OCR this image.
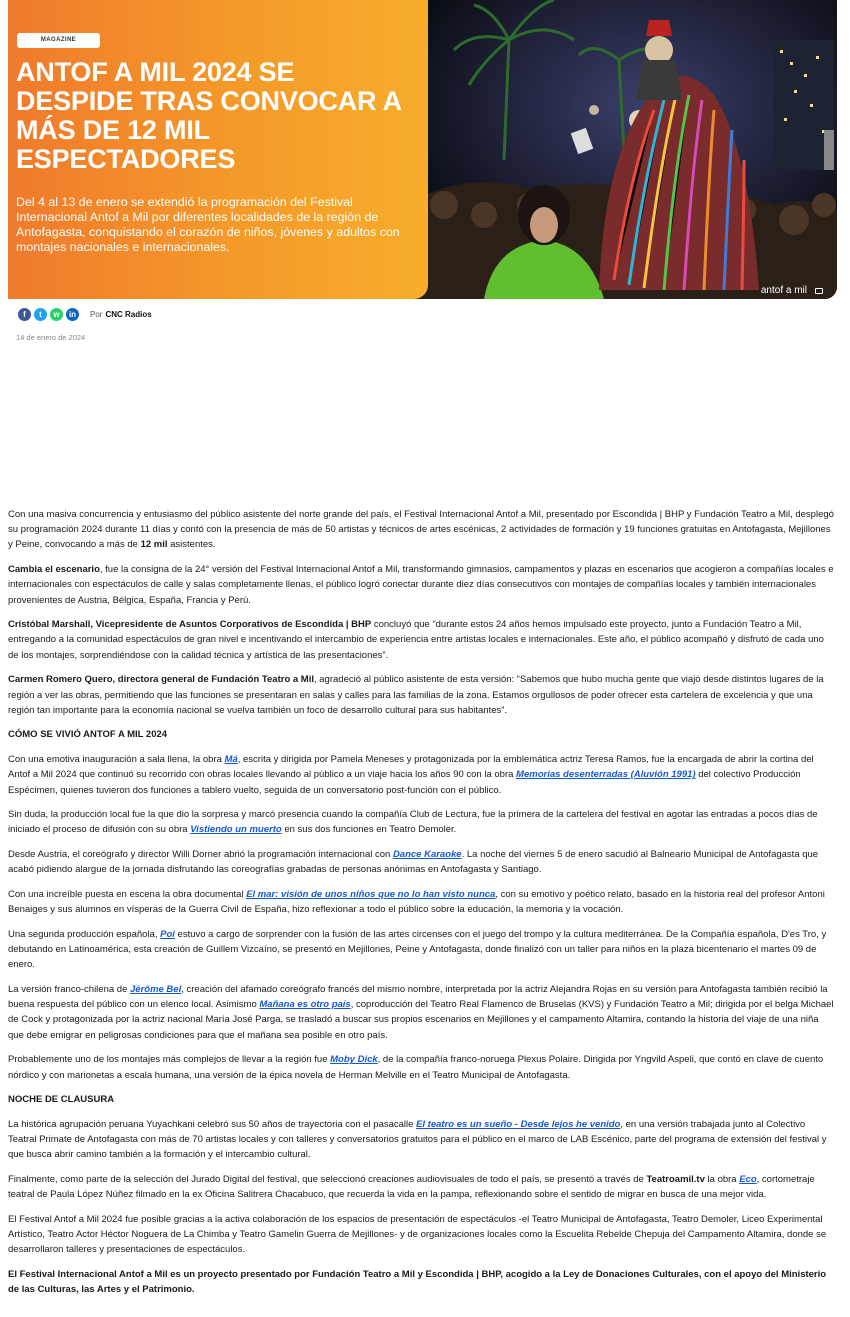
MAGAZINE
ANTOF A MIL 2024 SE DESPIDE TRAS CONVOCAR A MÁS DE 12 MIL ESPECTADORES

Del 4 al 13 de enero se extendió la programación del Festival Internacional Antof a Mil por diferentes localidades de la región de Antofagasta, conquistando el corazón de niños, jóvenes y adultos con montajes nacionales e internacionales.

antof a mil
f	t	w	in	Por CNC Radios
14 de enero de 2024

Con una masiva concurrencia y entusiasmo del público asistente del norte grande del país, el Festival Internacional Antof a Mil, presentado por Escondida | BHP y Fundación Teatro a Mil, desplegó su programación 2024 durante 11 días y contó con la presencia de más de 50 artistas y técnicos de artes escénicas, 2 actividades de formación y 19 funciones gratuitas en Antofagasta, Mejillones y Peine, convocando a más de 12 mil asistentes.

Cambia el escenario, fue la consigna de la 24° versión del Festival Internacional Antof a Mil, transformando gimnasios, campamentos y plazas en escenarios que acogieron a compañías locales e internacionales con espectáculos de calle y salas completamente llenas, el público logró conectar durante diez días consecutivos con montajes de compañías locales y también internacionales provenientes de Austria, Bélgica, España, Francia y Perú.

Cristóbal Marshall, Vicepresidente de Asuntos Corporativos de Escondida | BHP concluyó que “durante estos 24 años hemos impulsado este proyecto, junto a Fundación Teatro a Mil, entregando a la comunidad espectáculos de gran nivel e incentivando el intercambio de experiencia entre artistas locales e internacionales. Este año, el público acompañó y disfrutó de cada uno de los montajes, sorprendiéndose con la calidad técnica y artística de las presentaciones”.

Carmen Romero Quero, directora general de Fundación Teatro a Mil, agradeció al público asistente de esta versión: “Sabemos que hubo mucha gente que viajó desde distintos lugares de la región a ver las obras, permitiendo que las funciones se presentaran en salas y calles para las familias de la zona. Estamos orgullosos de poder ofrecer esta cartelera de excelencia y que una región tan importante para la economía nacional se vuelva también un foco de desarrollo cultural para sus habitantes”.

CÓMO SE VIVIÓ ANTOF A MIL 2024

Con una emotiva inauguración a sala llena, la obra Má, escrita y dirigida por Pamela Meneses y protagonizada por la emblemática actriz Teresa Ramos, fue la encargada de abrir la cortina del Antof a Mil 2024 que continuó su recorrido con obras locales llevando al público a un viaje hacia los años 90 con la obra Memorias desenterradas (Aluvión 1991) del colectivo Producción Espécimen, quienes tuvieron dos funciones a tablero vuelto, seguida de un conversatorio post-función con el público.

Sin duda, la producción local fue la que dio la sorpresa y marcó presencia cuando la compañía Club de Lectura, fue la primera de la cartelera del festival en agotar las entradas a pocos días de iniciado el proceso de difusión con su obra Vistiendo un muerto en sus dos funciones en Teatro Demoler.

Desde Austria, el coreógrafo y director Willi Dorner abrió la programación internacional con Dance Karaoke. La noche del viernes 5 de enero sacudió al Balneario Municipal de Antofagasta que acabó pidiendo alargue de la jornada disfrutando las coreografías grabadas de personas anónimas en Antofagasta y Santiago.

Con una increíble puesta en escena la obra documental El mar: visión de unos niños que no lo han visto nunca, con su emotivo y poético relato, basado en la historia real del profesor Antoni Benaiges y sus alumnos en vísperas de la Guerra Civil de España, hizo reflexionar a todo el público sobre la educación, la memoria y la vocación.

Una segunda producción española, Poi estuvo a cargo de sorprender con la fusión de las artes circenses con el juego del trompo y la cultura mediterránea. De la Compañía española, D'es Tro, y debutando en Latinoamérica, esta creación de Guillem Vizcaíno, se presentó en Mejillones, Peine y Antofagasta, donde finalizó con un taller para niños en la plaza bicentenario el martes 09 de enero.

La versión franco-chilena de Jérôme Bel, creación del afamado coreógrafo francés del mismo nombre, interpretada por la actriz Alejandra Rojas en su versión para Antofagasta también recibió la buena respuesta del público con un elenco local. Asimismo Mañana es otro país, coproducción del Teatro Real Flamenco de Bruselas (KVS) y Fundación Teatro a Mil; dirigida por el belga Michael de Cock y protagonizada por la actriz nacional María José Parga, se trasladó a buscar sus propios escenarios en Mejillones y el campamento Altamira, contando la historia del viaje de una niña que debe emigrar en peligrosas condiciones para que el mañana sea posible en otro país.

Probablemente uno de los montajes más complejos de llevar a la región fue Moby Dick, de la compañía franco-noruega Plexus Polaire. Dirigida por Yngvild Aspeli, que contó en clave de cuento nórdico y con marionetas a escala humana, una versión de la épica novela de Herman Melville en el Teatro Municipal de Antofagasta.

NOCHE DE CLAUSURA

La histórica agrupación peruana Yuyachkani celebró sus 50 años de trayectoria con el pasacalle El teatro es un sueño - Desde lejos he venido, en una versión trabajada junto al Colectivo Teatral Primate de Antofagasta con más de 70 artistas locales y con talleres y conversatorios gratuitos para el público en el marco de LAB Escénico, parte del programa de extensión del festival y que busca abrir camino también a la formación y el intercambio cultural.

Finalmente, como parte de la selección del Jurado Digital del festival, que seleccionó creaciones audiovisuales de todo el país, se presentó a través de Teatroamil.tv la obra Eco, cortometraje teatral de Paula López Núñez filmado en la ex Oficina Salitrera Chacabuco, que recuerda la vida en la pampa, reflexionando sobre el sentido de migrar en busca de una mejor vida.

El Festival Antof a Mil 2024 fue posible gracias a la activa colaboración de los espacios de presentación de espectáculos -el Teatro Municipal de Antofagasta, Teatro Demoler, Liceo Experimental Artístico, Teatro Actor Héctor Noguera de La Chimba y Teatro Gamelin Guerra de Mejillones- y de organizaciones locales como la Escuelita Rebelde Chepuja del Campamento Altamira, donde se desarrollaron talleres y presentaciones de espectáculos.

El Festival Internacional Antof a Mil es un proyecto presentado por Fundación Teatro a Mil y Escondida | BHP, acogido a la Ley de Donaciones Culturales, con el apoyo del Ministerio de las Culturas, las Artes y el Patrimonio.
